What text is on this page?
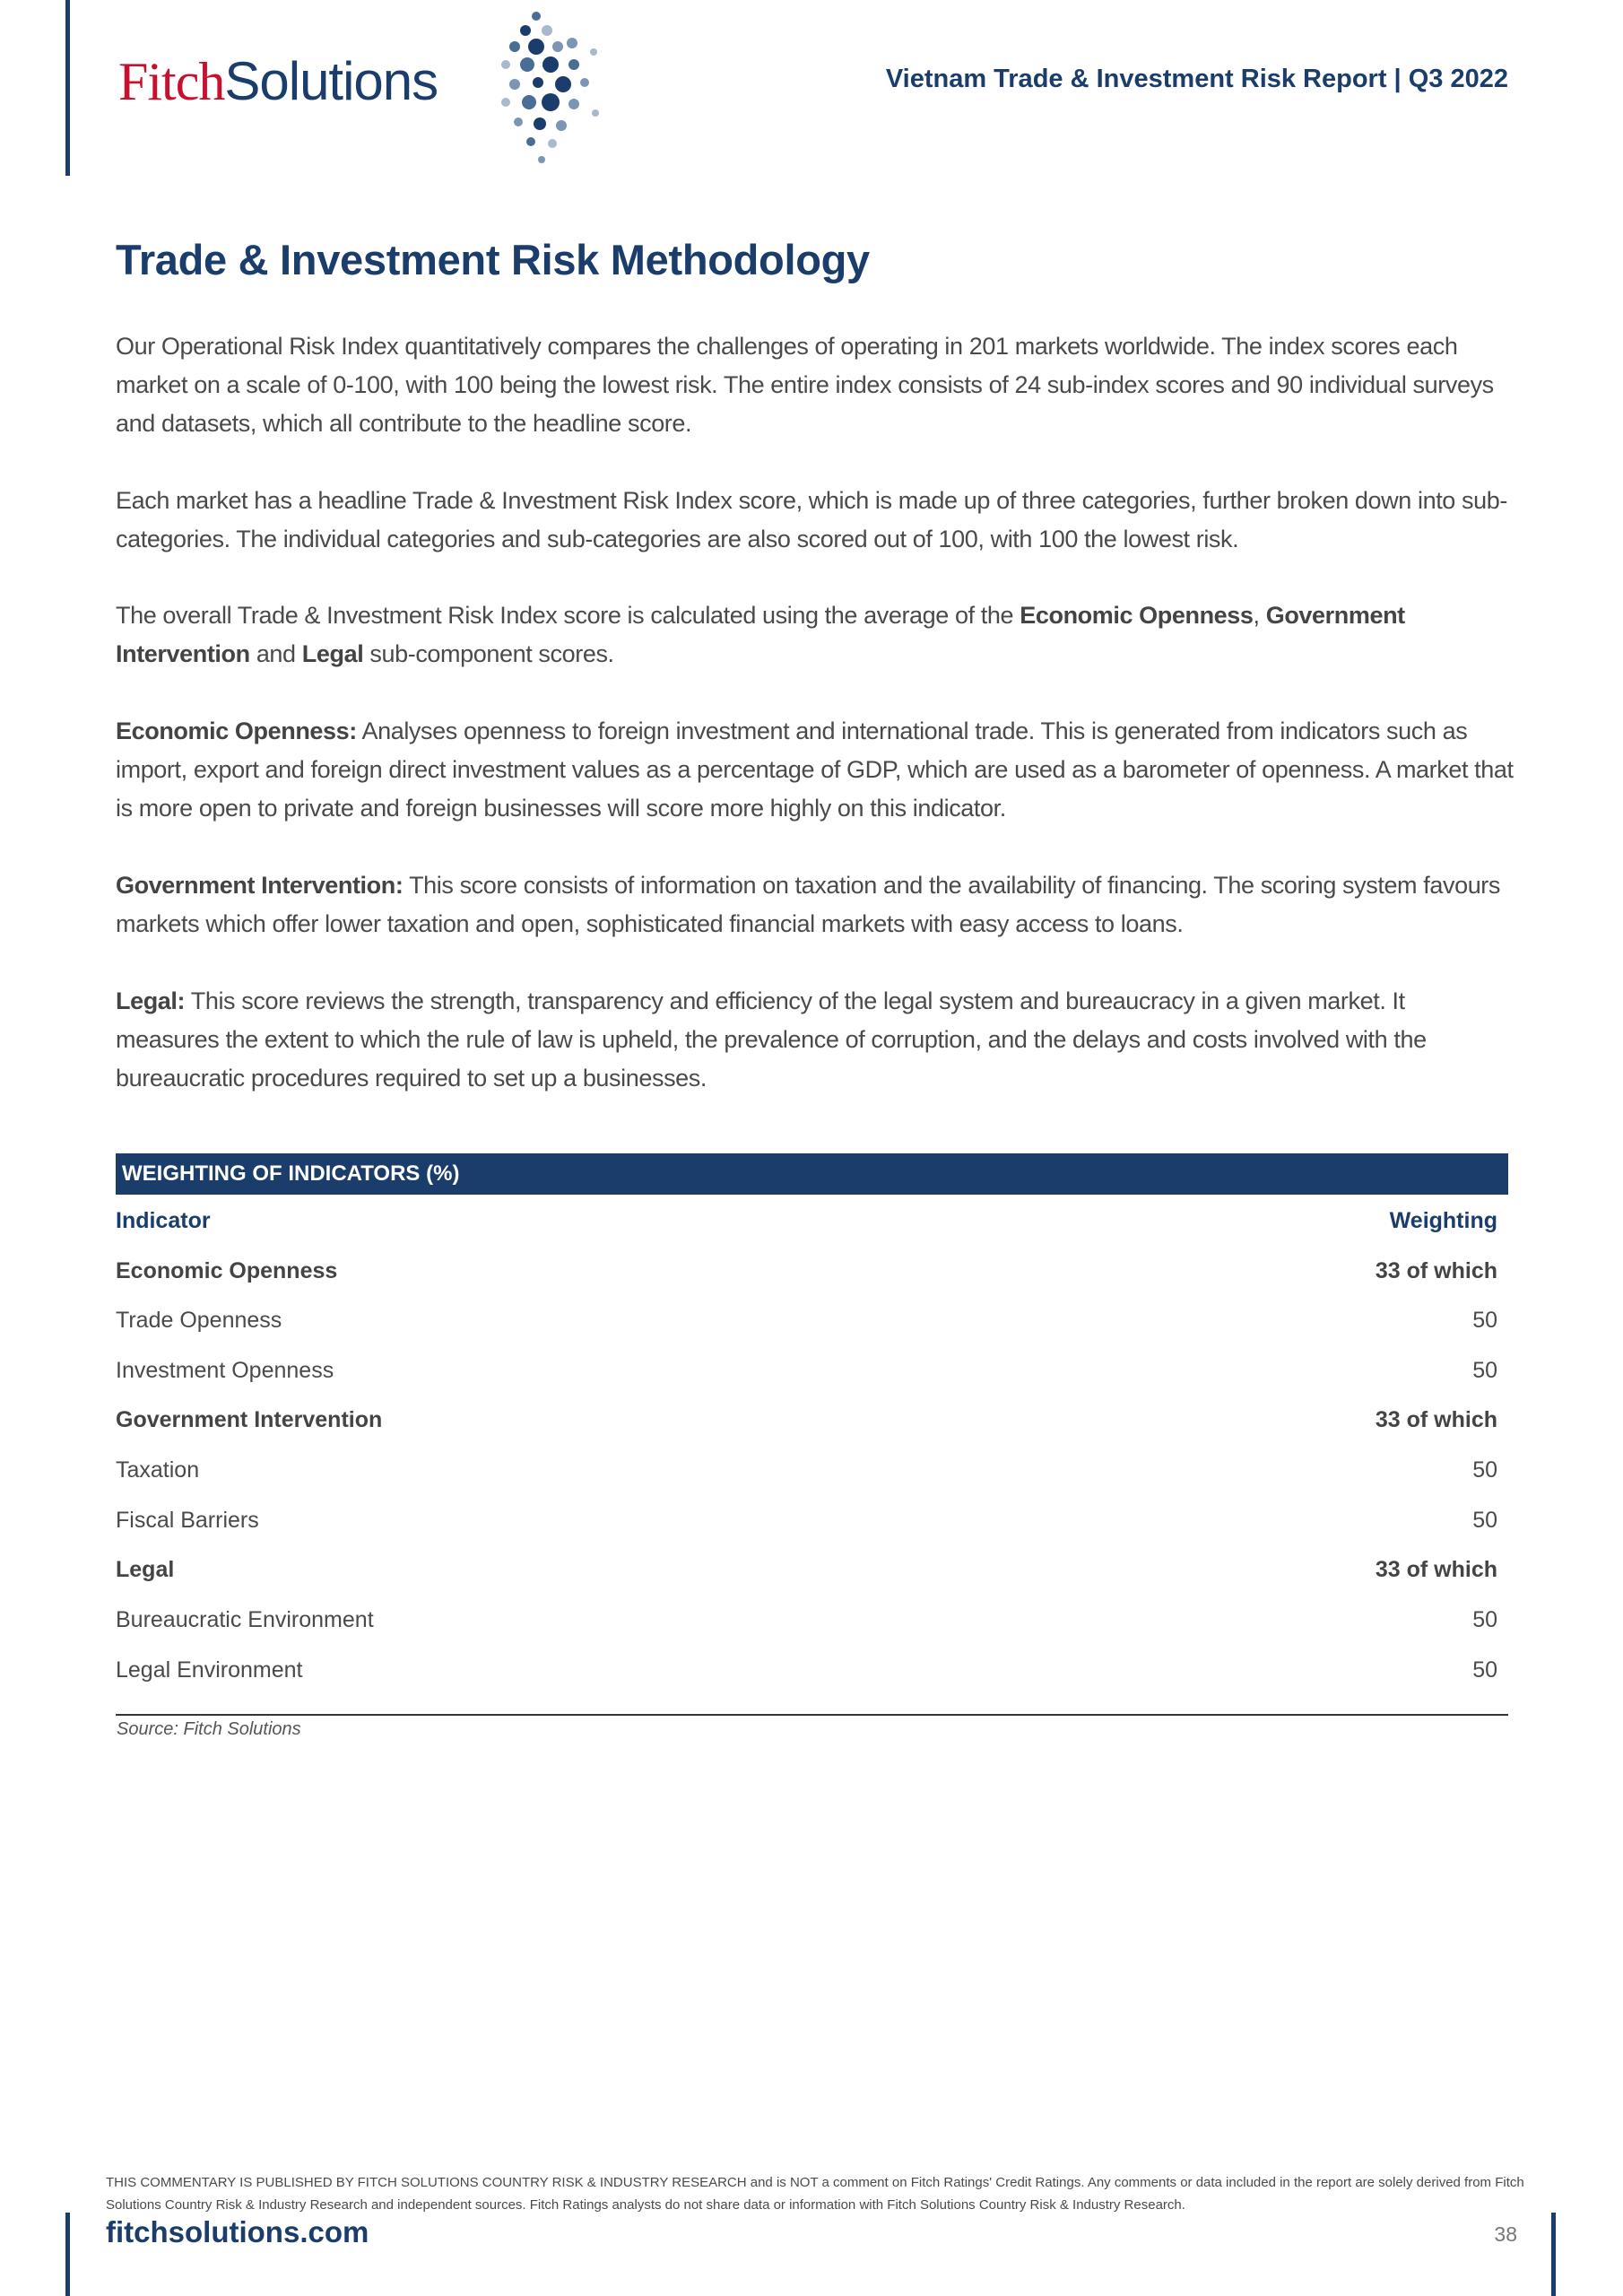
FitchSolutions	Vietnam Trade & Investment Risk Report | Q3 2022
Trade & Investment Risk Methodology

Our Operational Risk Index quantitatively compares the challenges of operating in 201 markets worldwide. The index scores each market on a scale of 0-100, with 100 being the lowest risk. The entire index consists of 24 sub-index scores and 90 individual surveys and datasets, which all contribute to the headline score.

Each market has a headline Trade & Investment Risk Index score, which is made up of three categories, further broken down into sub-categories. The individual categories and sub-categories are also scored out of 100, with 100 the lowest risk.

The overall Trade & Investment Risk Index score is calculated using the average of the Economic Openness, Government Intervention and Legal sub-component scores.

Economic Openness: Analyses openness to foreign investment and international trade. This is generated from indicators such as import, export and foreign direct investment values as a percentage of GDP, which are used as a barometer of openness. A market that is more open to private and foreign businesses will score more highly on this indicator.

Government Intervention: This score consists of information on taxation and the availability of financing. The scoring system favours markets which offer lower taxation and open, sophisticated financial markets with easy access to loans.

Legal: This score reviews the strength, transparency and efficiency of the legal system and bureaucracy in a given market. It measures the extent to which the rule of law is upheld, the prevalence of corruption, and the delays and costs involved with the bureaucratic procedures required to set up a businesses.

WEIGHTING OF INDICATORS (%)
Indicator	Weighting
Economic Openness	33 of which
Trade Openness	50
Investment Openness	50
Government Intervention	33 of which
Taxation	50
Fiscal Barriers	50
Legal	33 of which
Bureaucratic Environment	50
Legal Environment	50
Source: Fitch Solutions

THIS COMMENTARY IS PUBLISHED BY FITCH SOLUTIONS COUNTRY RISK & INDUSTRY RESEARCH and is NOT a comment on Fitch Ratings' Credit Ratings. Any comments or data included in the report are solely derived from Fitch Solutions Country Risk & Industry Research and independent sources. Fitch Ratings analysts do not share data or information with Fitch Solutions Country Risk & Industry Research.

fitchsolutions.com	38
